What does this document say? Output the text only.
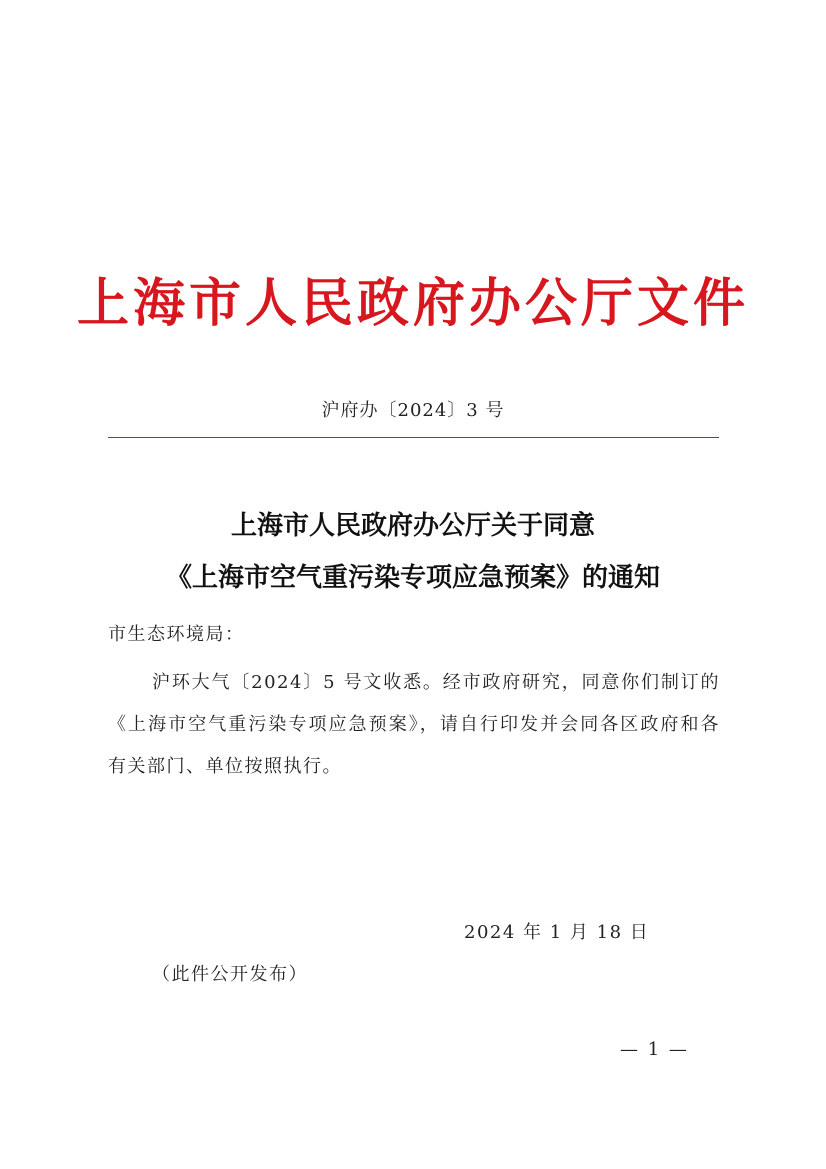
上海市人民政府办公厅文件
沪府办〔2024〕3 号
上海市人民政府办公厅关于同意
《上海市空气重污染专项应急预案》的通知
市生态环境局：
沪环大气〔2024〕5 号文收悉。经市政府研究，同意你们制订的《上海市空气重污染专项应急预案》，请自行印发并会同各区政府和各有关部门、单位按照执行。
2024 年 1 月 18 日
（此件公开发布）
— 1 —
